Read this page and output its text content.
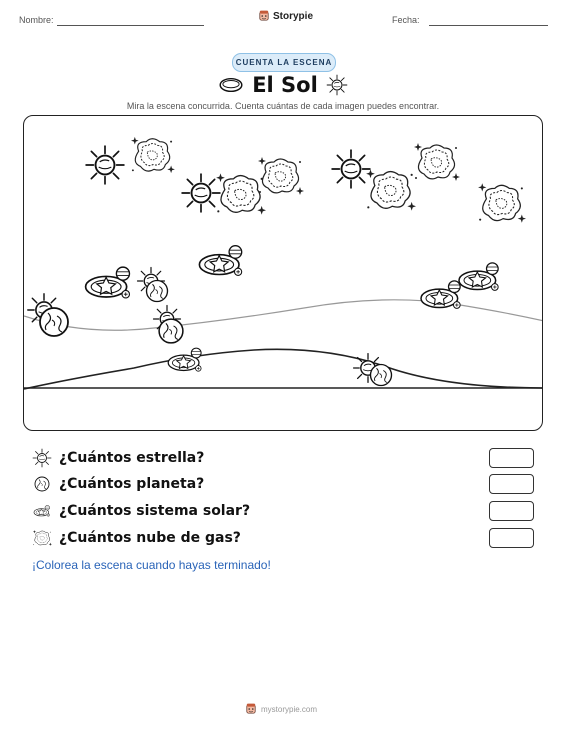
Nombre:	Storypie	Fecha:
CUENTA LA ESCENA
El Sol
Mira la escena concurrida. Cuenta cuántas de cada imagen puedes encontrar.
¿Cuántos estrella?
¿Cuántos planeta?
¿Cuántos sistema solar?
¿Cuántos nube de gas?
¡Colorea la escena cuando hayas terminado!
mystorypie.com
